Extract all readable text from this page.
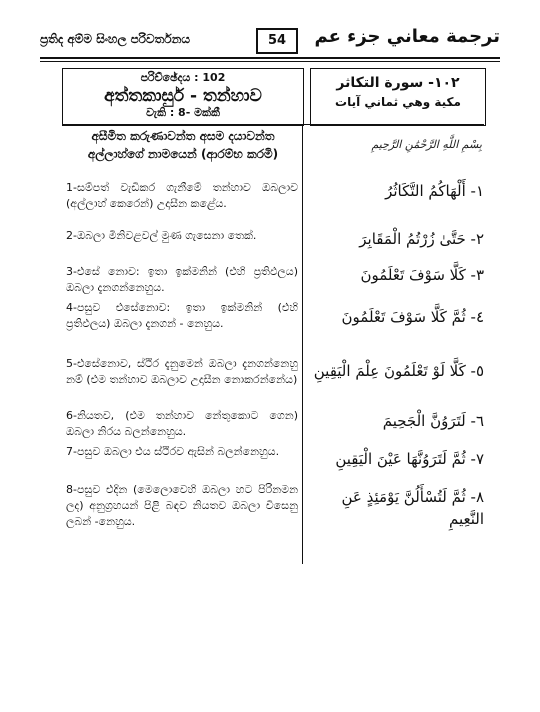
ප්‍රතිද අම්ම සිංහල පරිවර්තනය	54	ترجمة معاني جزء عم
පරිච්ඡේදය : 102
අත්තකාසුර් - තන්හාව
වැකි : 8- මක්කී
١٠٢- سورة التكاثر
مكية وهي ثماني آيات
අසීමිත කරුණාවන්ත අසම දයාවන්ත අල්ලාහ්ගේ නාමයෙන් (ආරම්භ කරමි)
بِسْمِ اللَّهِ الرَّحْمَٰنِ الرَّحِيمِ
1-සම්පත් වැඩිකර ගැනීමේ තන්හාව ඔබලාව (අල්ලාහ් කෙරෙන්) උදාසීන කළේය.
2-ඔබලා මිනිවළවල් මුණ ගැසෙනා තෙක්.
3-එසේ නොව: ඉතා ඉක්මනින් (එහි ප්‍රතිඵලය) ඔබලා දැනගන්නෙහුය.
4-පසුව එසේනොව: ඉතා ඉක්මනින් (එහි ප්‍රතිඵලය) ඔබලා දැනගන් - නෙහුය.
5-එසේනොව, ස්ථිර දැනුමෙන් ඔබලා දැනගන්නෙහු නම් (එම තන්හාව ඔබලාව උදාසීන නොකරන්නේය)
6-නියතව, (එම තන්හාව නේතුකොට ගෙන) ඔබලා නිරය බලන්නෙහුය.
7-පසුව ඔබලා එය ස්ථිරව ඇසින් බලන්නෙහුය.
8-පසුව එදින (මෙලොවෙහි ඔබලා හට පිරිනමන ලද) අනුග්‍රහයන් පිළි බඳව නියතව ඔබලා විසෙනු ලබන් -නෙහුය.
١- أَلْهَاكُمُ التَّكَاثُرُ
٢- حَتَّىٰ زُرْتُمُ الْمَقَابِرَ
٣- كَلَّا سَوْفَ تَعْلَمُونَ
٤- ثُمَّ كَلَّا سَوْفَ تَعْلَمُونَ
٥- كَلَّا لَوْ تَعْلَمُونَ عِلْمَ الْيَقِينِ
٦- لَتَرَوُنَّ الْجَحِيمَ
٧- ثُمَّ لَتَرَوُنَّهَا عَيْنَ الْيَقِينِ
٨- ثُمَّ لَتُسْأَلُنَّ يَوْمَئِذٍ عَنِ النَّعِيمِ
